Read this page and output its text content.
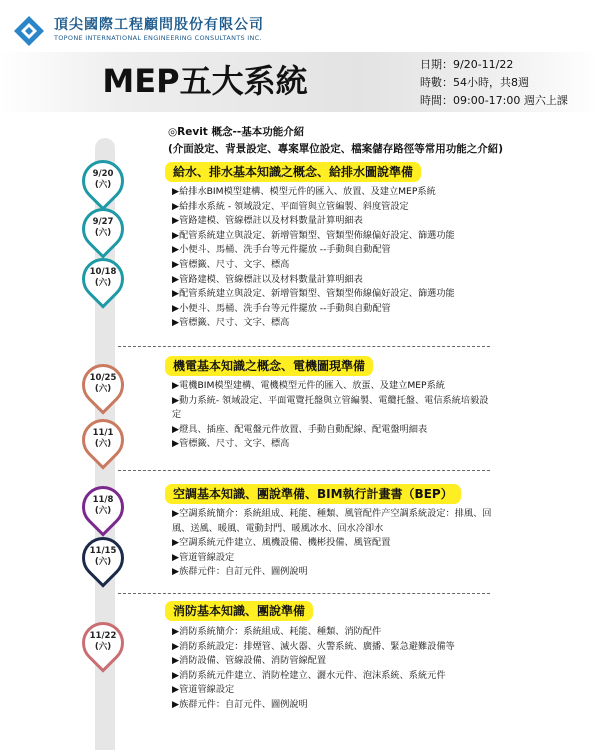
頂尖國際工程顧問股份有限公司
TOPONE INTERNATIONAL ENGINEERING CONSULTANTS INC.
MEP五大系統	日期：9/20-11/22
時數：54小時，共8週
時間：09:00-17:00 週六上課
9/20
(六)
9/27
(六)
10/18
(六)
10/25
(六)
11/1
(六)
11/8
(六)
11/15
(六)
11/22
(六)
◎Revit 概念--基本功能介紹
(介面設定、背景設定、專案單位設定、檔案儲存路徑等常用功能之介紹)
給水、排水基本知識之概念、給排水圖說準備
▶給排水BIM模型建構、模型元件的匯入、放置、及建立MEP系統
▶給排水系統 - 領域設定、平面管與立管編製、斜度管設定
▶管路建模、管線標註以及材料數量計算明細表
▶配管系統建立與設定、新增管類型、管類型佈線偏好設定、篩選功能
▶小便斗、馬桶、洗手台等元件擺放 --手動與自動配管
▶管標籤、尺寸、文字、標高
▶管路建模、管線標註以及材料數量計算明細表
▶配管系統建立與設定、新增管類型、管類型佈線偏好設定、篩選功能
▶小便斗、馬桶、洗手台等元件擺放 --手動與自動配管
▶管標籤、尺寸、文字、標高
機電基本知識之概念、電機圖現準備
▶電機BIM模型建構、電機模型元件的匯入、放蛋、及建立MEP系統
▶動力系統- 領域設定、平面電覽托盤與立管編製、電纜托盤、電信系統培毅設定
▶燈具、插座、配電盤元件放置、手動自動配線、配電盤明細表
▶管標籤、尺寸、文字、標高
空調基本知識、團說準備、BIM執行計畫書（BEP）
▶空調系統簡介：系統組成、耗能、種類、風管配件产空調系統設定：排風、回風、送風、暖風、電動封門、暖風冰水、回水冷卻水
▶空調系統元件建立、風機設備、機彬投備、風管配置
▶管道管線設定
▶族群元件：自訂元件、圖例說明
消防基本知識、團說準備
▶消防系統簡介：系統組成、耗能、種類、消防配件
▶消防系統設定：排煙管、滅火器、火警系統、廣播、緊急避難設備等
▶消防設備、管線設備、消防管線配置
▶消防系統元件建立、消防栓建立、灑水元件、泡沫系統、系統元件
▶管道管線設定
▶族群元件：自訂元件、圖例說明
